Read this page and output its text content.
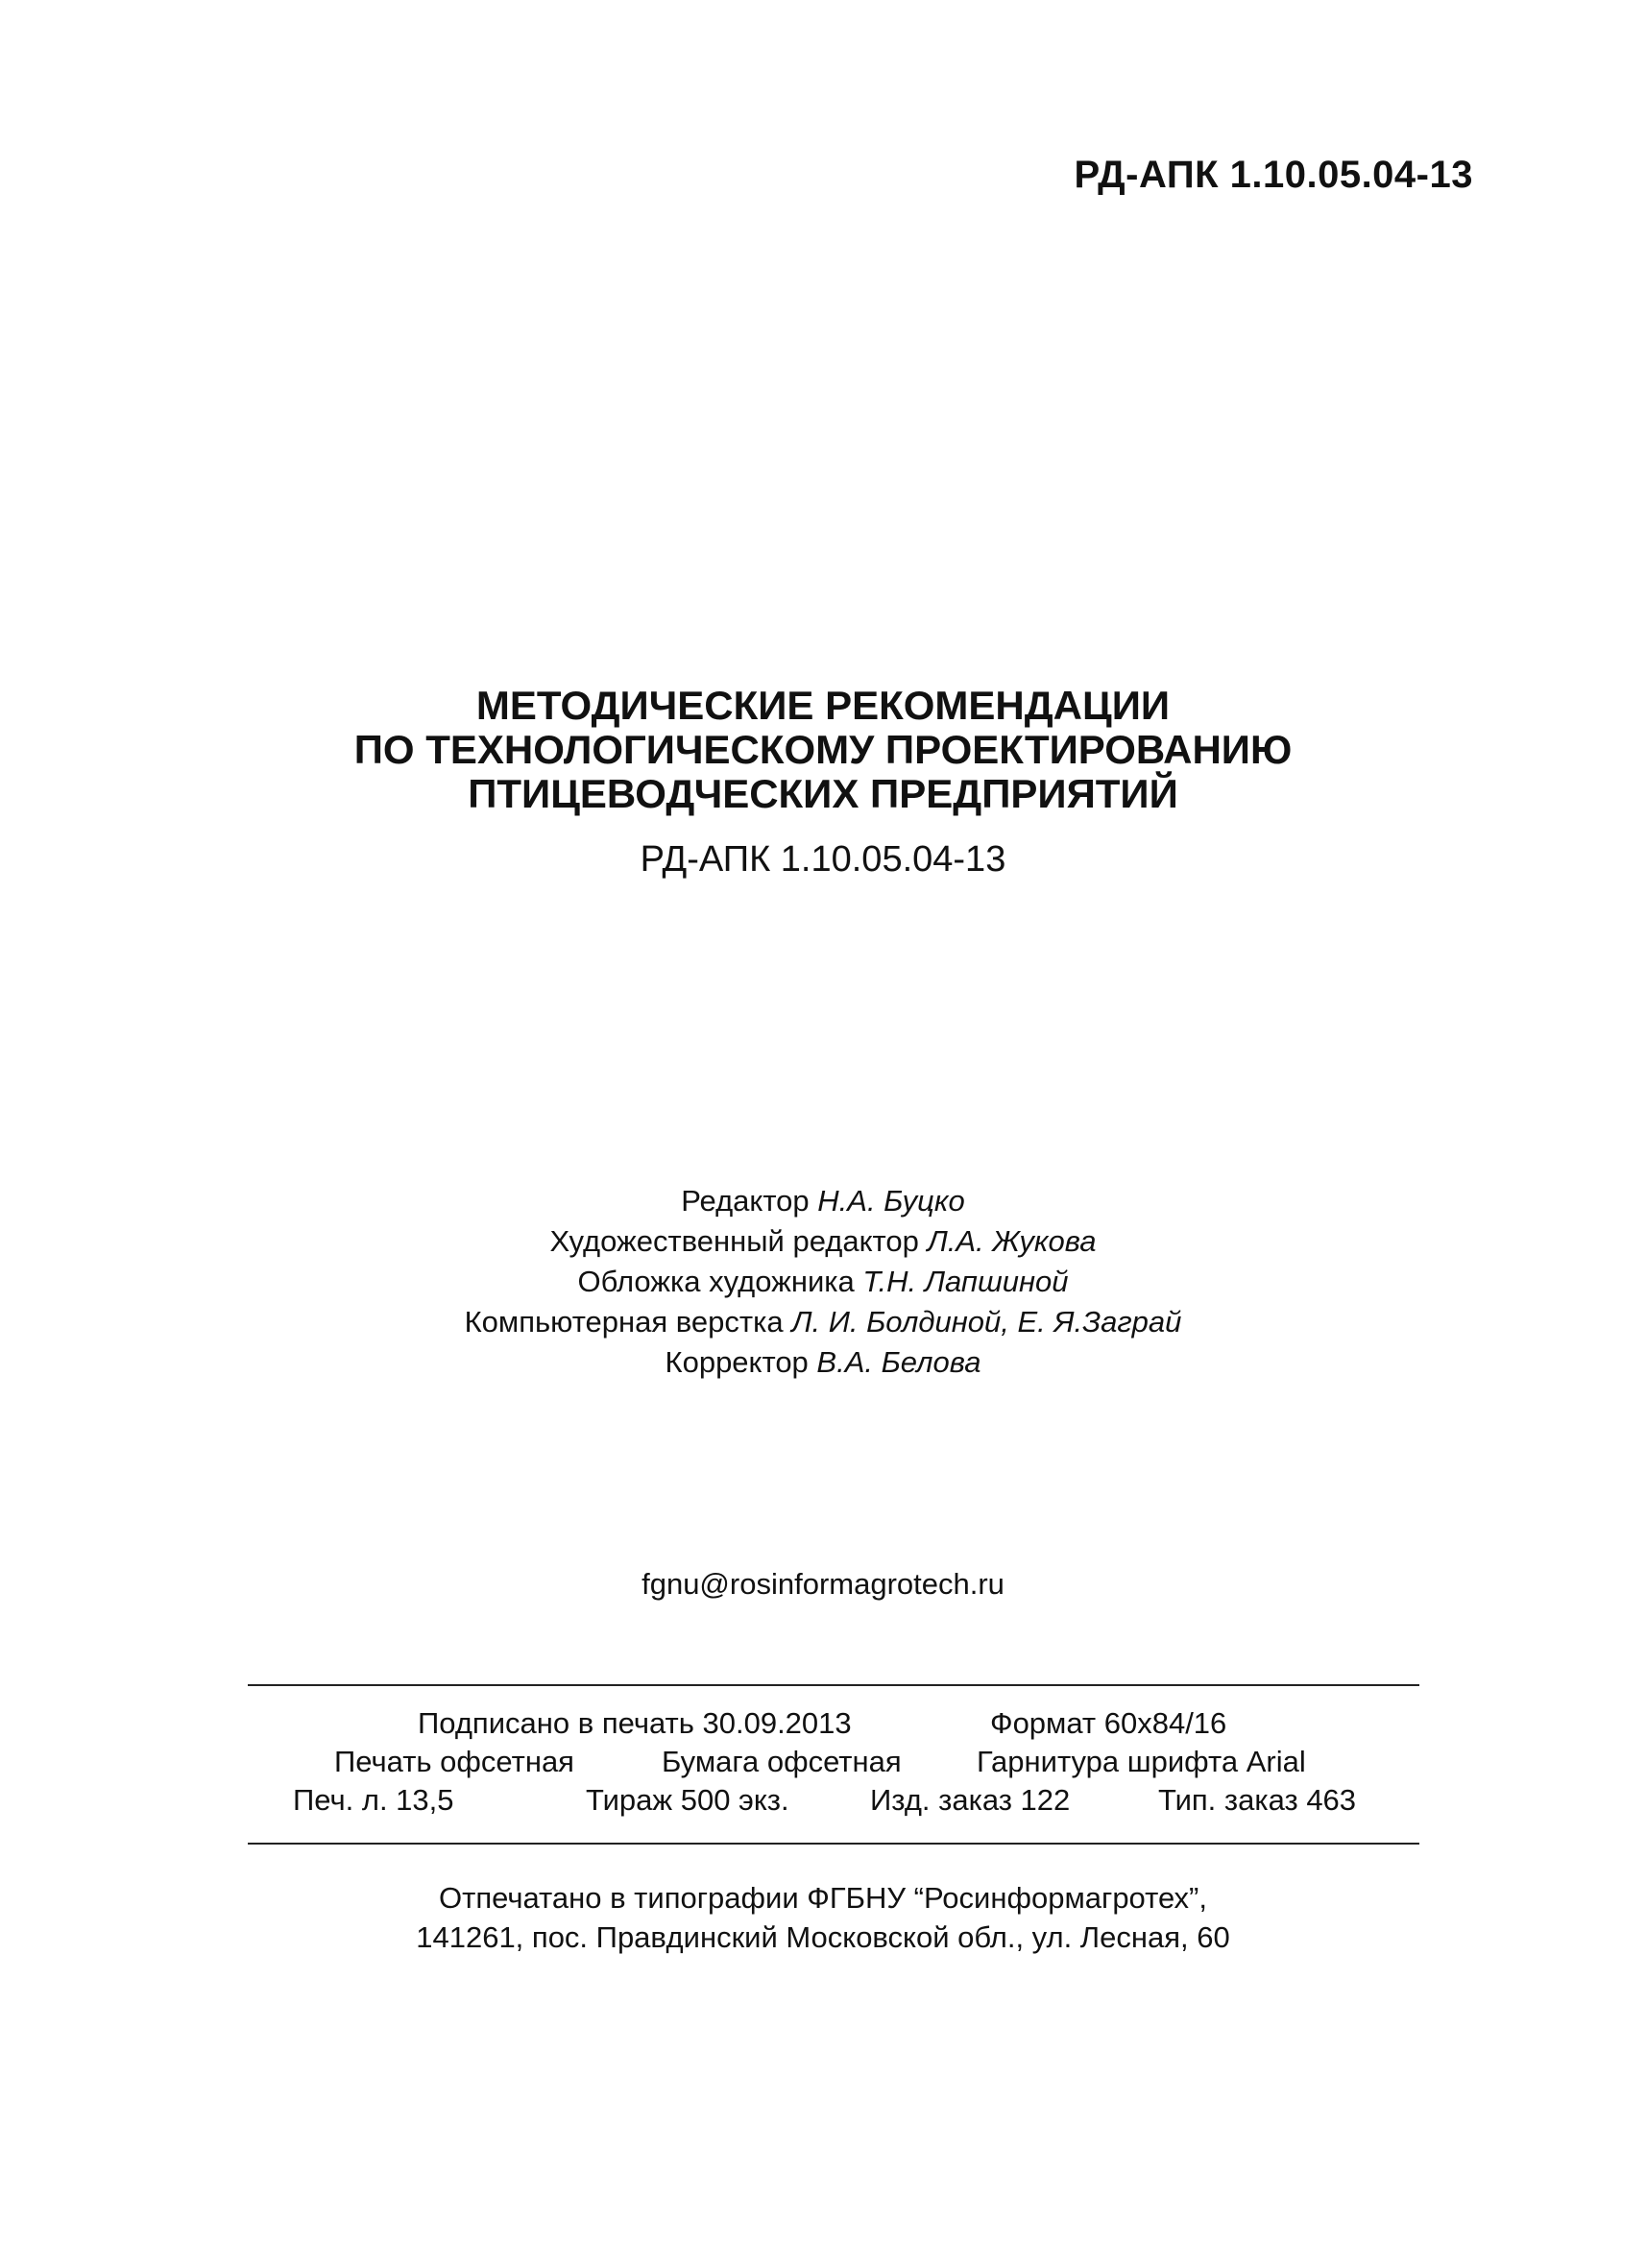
РД-АПК 1.10.05.04-13
МЕТОДИЧЕСКИЕ РЕКОМЕНДАЦИИ
ПО ТЕХНОЛОГИЧЕСКОМУ ПРОЕКТИРОВАНИЮ
ПТИЦЕВОДЧЕСКИХ ПРЕДПРИЯТИЙ
РД-АПК 1.10.05.04-13
Редактор Н.А. Буцко
Художественный редактор Л.А. Жукова
Обложка художника Т.Н. Лапшиной
Компьютерная верстка Л. И. Болдиной, Е. Я.Заграй
Корректор В.А. Белова
fgnu@rosinformagrotech.ru
Подписано в печать 30.09.2013	Формат 60x84/16
Печать офсетная	Бумага офсетная	Гарнитура шрифта Arial
Печ. л. 13,5	Тираж 500 экз.	Изд. заказ 122	Тип. заказ 463
Отпечатано в типографии ФГБНУ “Росинформагротех”,
141261, пос. Правдинский Московской обл., ул. Лесная, 60
